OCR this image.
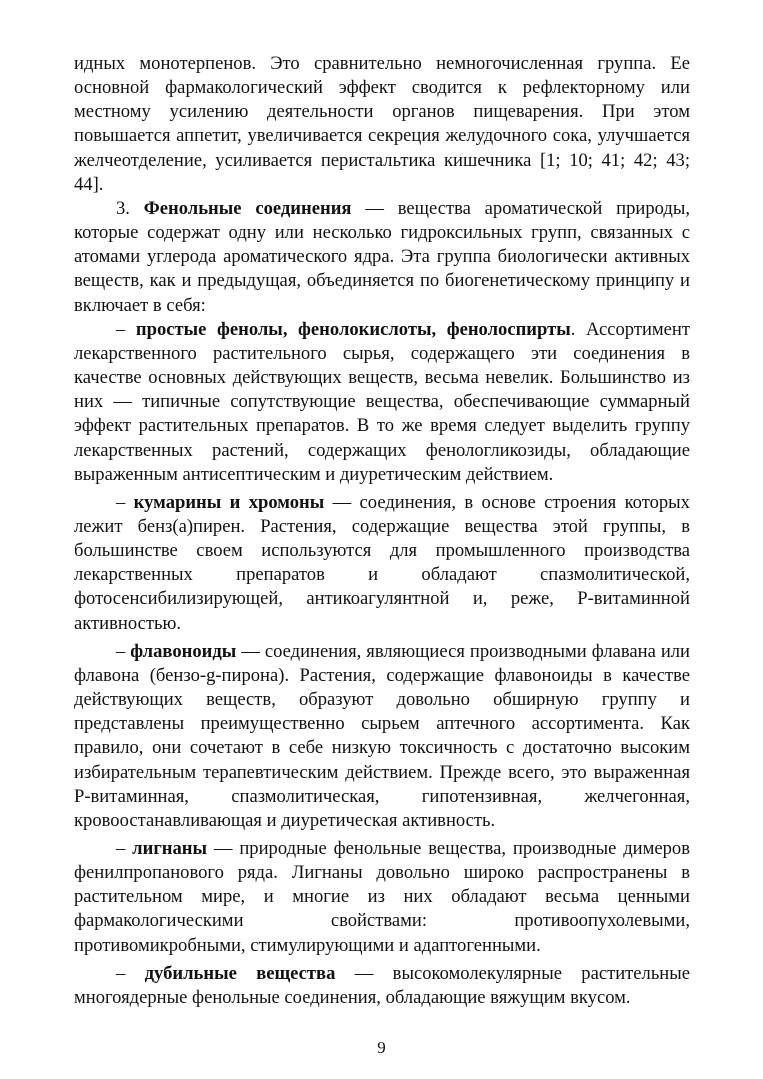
идных монотерпенов. Это сравнительно немногочисленная группа. Ее основной фармакологический эффект сводится к рефлекторному или местному усилению деятельности органов пищеварения. При этом повышается аппетит, увеличивается секреция желудочного сока, улучшается желчеотделение, усиливается перистальтика кишечника [1; 10; 41; 42; 43; 44].

3. Фенольные соединения — вещества ароматической природы, которые содержат одну или несколько гидроксильных групп, связанных с атомами углерода ароматического ядра. Эта группа биологически активных веществ, как и предыдущая, объединяется по биогенетическому принципу и включает в себя:

– простые фенолы, фенолокислоты, фенолоспирты. Ассортимент лекарственного растительного сырья, содержащего эти соединения в качестве основных действующих веществ, весьма невелик. Большинство из них — типичные сопутствующие вещества, обеспечивающие суммарный эффект растительных препаратов. В то же время следует выделить группу лекарственных растений, содержащих фенологликозиды, обладающие выраженным антисептическим и диуретическим действием.

– кумарины и хромоны — соединения, в основе строения которых лежит бенз(а)пирен. Растения, содержащие вещества этой группы, в большинстве своем используются для промышленного производства лекарственных препаратов и обладают спазмолитической, фотосенсибилизирующей, антикоагулянтной и, реже, Р-витаминной активностью.

– флавоноиды — соединения, являющиеся производными флавана или флавона (бензо-g-пирона). Растения, содержащие флавоноиды в качестве действующих веществ, образуют довольно обширную группу и представлены преимущественно сырьем аптечного ассортимента. Как правило, они сочетают в себе низкую токсичность с достаточно высоким избирательным терапевтическим действием. Прежде всего, это выраженная Р-витаминная, спазмолитическая, гипотензивная, желчегонная, кровоостанавливающая и диуретическая активность.

– лигнаны — природные фенольные вещества, производные димеров фенилпропанового ряда. Лигнаны довольно широко распространены в растительном мире, и многие из них обладают весьма ценными фармакологическими свойствами: противоопухолевыми, противомикробными, стимулирующими и адаптогенными.

– дубильные вещества — высокомолекулярные растительные многоядерные фенольные соединения, обладающие вяжущим вкусом.

9
